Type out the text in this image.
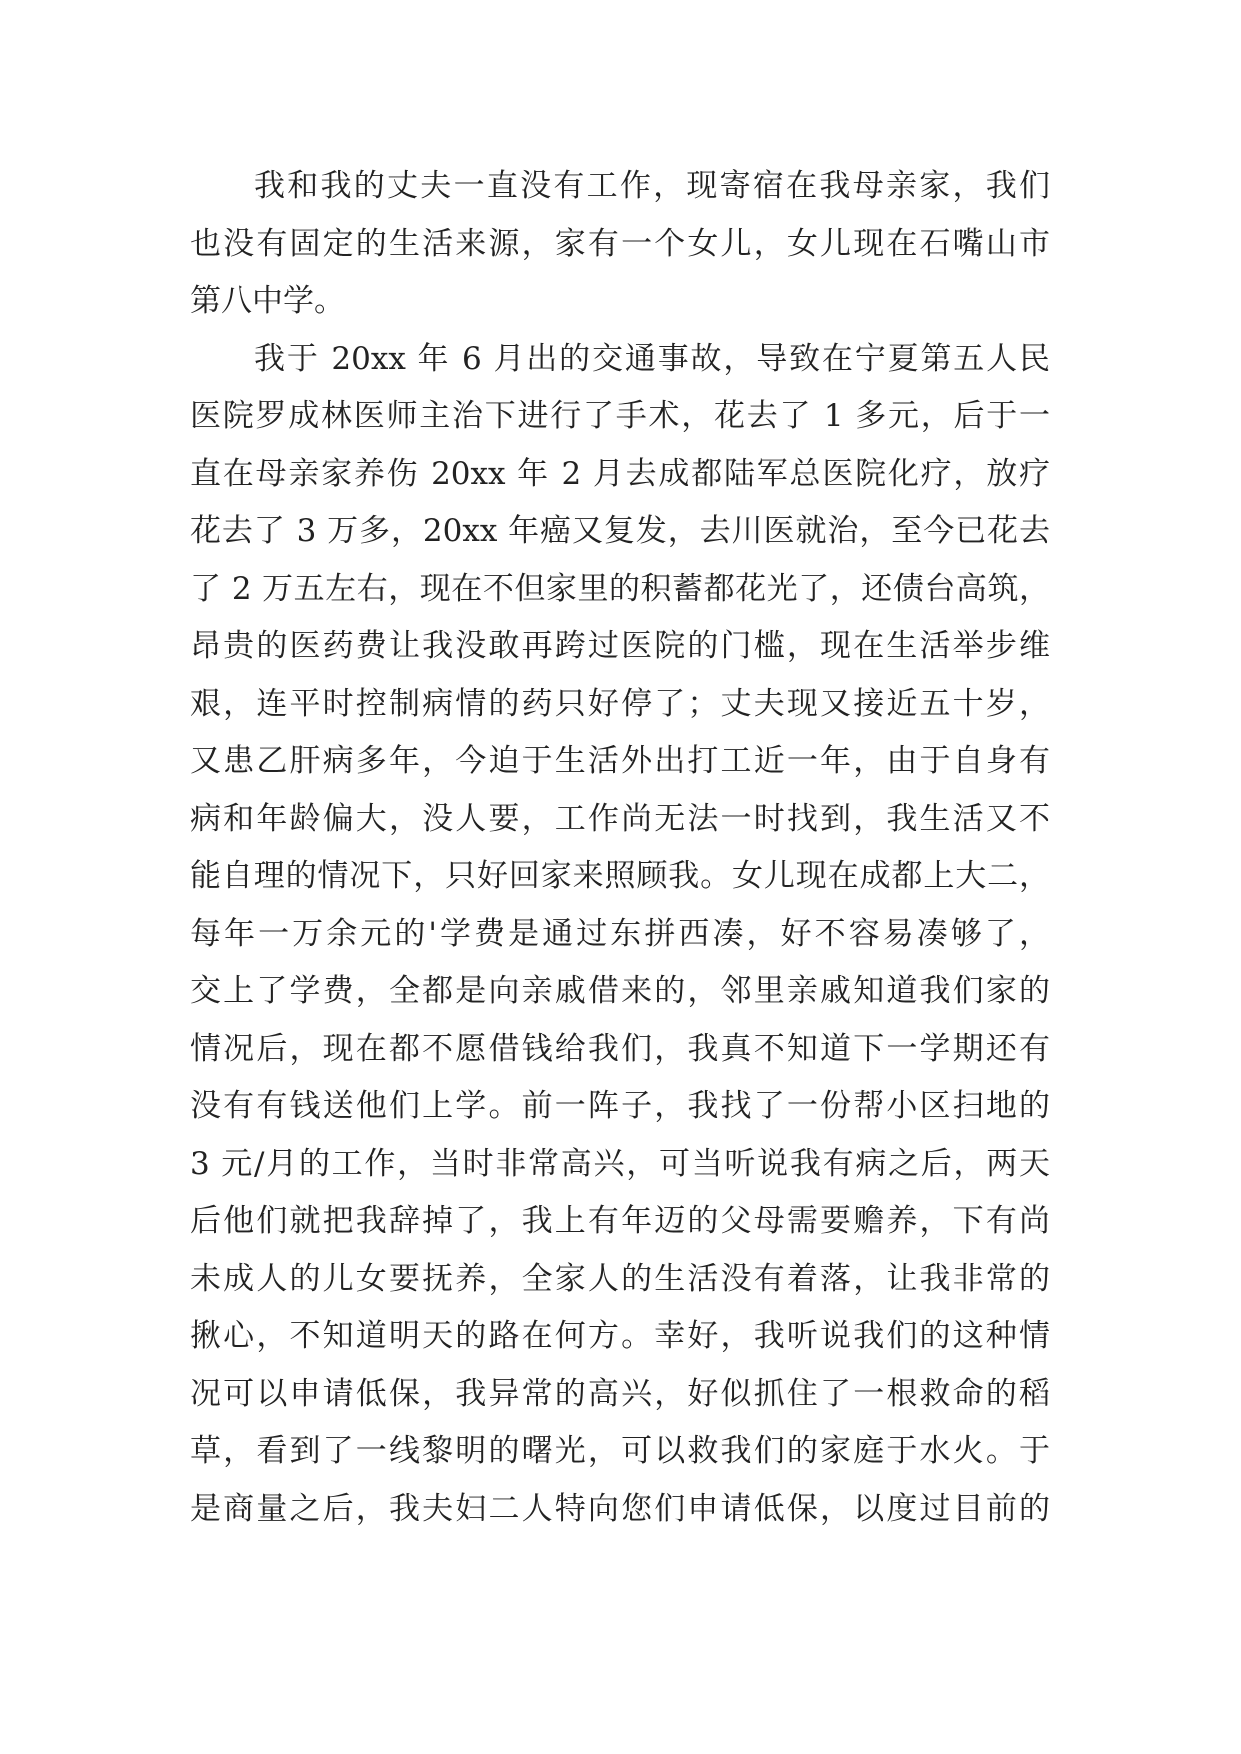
我和我的丈夫一直没有工作，现寄宿在我母亲家，我们
也没有固定的生活来源，家有一个女儿，女儿现在石嘴山市
第八中学。
我于 20xx 年 6 月出的交通事故，导致在宁夏第五人民
医院罗成林医师主治下进行了手术，花去了 1 多元，后于一
直在母亲家养伤 20xx 年 2 月去成都陆军总医院化疗，放疗
花去了 3 万多，20xx 年癌又复发，去川医就治，至今已花去
了 2 万五左右，现在不但家里的积蓄都花光了，还债台高筑，
昂贵的医药费让我没敢再跨过医院的门槛，现在生活举步维
艰，连平时控制病情的药只好停了；丈夫现又接近五十岁，
又患乙肝病多年，今迫于生活外出打工近一年，由于自身有
病和年龄偏大，没人要，工作尚无法一时找到，我生活又不
能自理的情况下，只好回家来照顾我。女儿现在成都上大二，
每年一万余元的'学费是通过东拼西凑，好不容易凑够了，
交上了学费，全都是向亲戚借来的，邻里亲戚知道我们家的
情况后，现在都不愿借钱给我们，我真不知道下一学期还有
没有有钱送他们上学。前一阵子，我找了一份帮小区扫地的
3 元/月的工作，当时非常高兴，可当听说我有病之后，两天
后他们就把我辞掉了，我上有年迈的父母需要赡养，下有尚
未成人的儿女要抚养，全家人的生活没有着落，让我非常的
揪心，不知道明天的路在何方。幸好，我听说我们的这种情
况可以申请低保，我异常的高兴，好似抓住了一根救命的稻
草，看到了一线黎明的曙光，可以救我们的家庭于水火。于
是商量之后，我夫妇二人特向您们申请低保，以度过目前的
